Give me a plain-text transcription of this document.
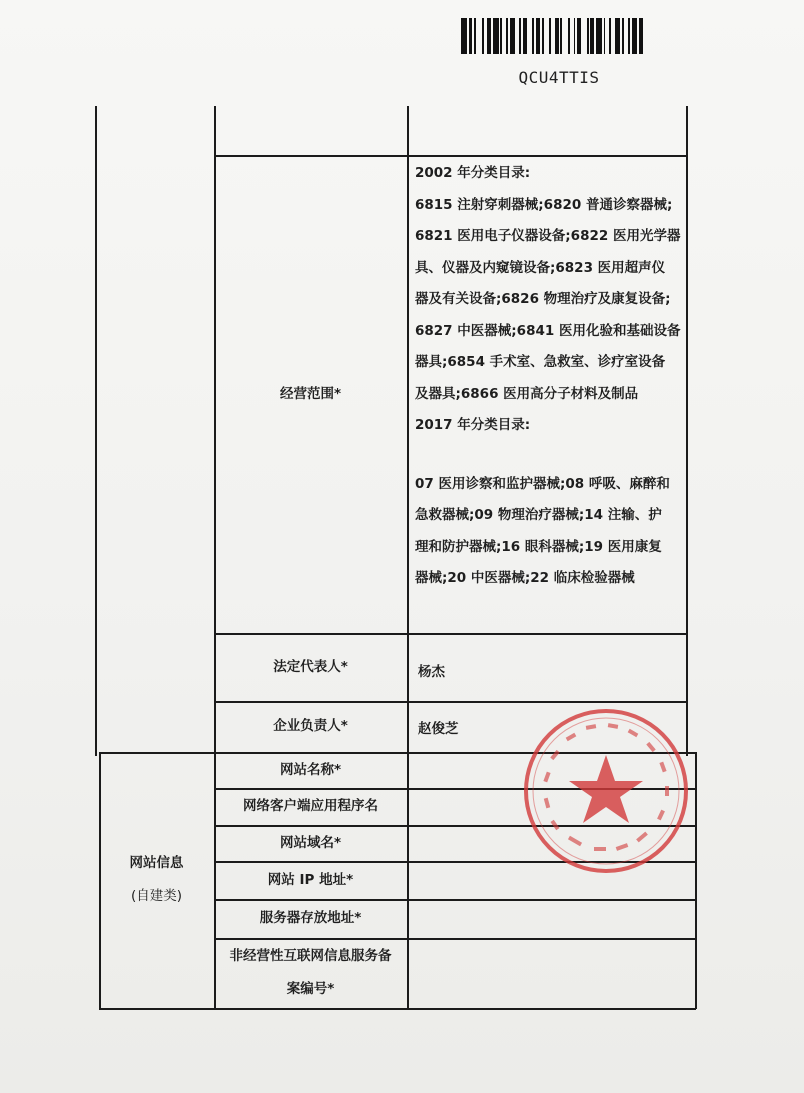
QCU4TTIS
经营范围*

2002 年分类目录:

6815 注射穿刺器械;6820 普通诊察器械;

6821 医用电子仪器设备;6822 医用光学器

具、仪器及内窥镜设备;6823 医用超声仪

器及有关设备;6826 物理治疗及康复设备;

6827 中医器械;6841 医用化验和基础设备

器具;6854 手术室、急救室、诊疗室设备

及器具;6866 医用高分子材料及制品

2017 年分类目录:

07 医用诊察和监护器械;08 呼吸、麻醉和

急救器械;09 物理治疗器械;14 注输、护

理和防护器械;16 眼科器械;19 医用康复

器械;20 中医器械;22 临床检验器械

法定代表人*	杨杰
企业负责人*	赵俊芝
网站信息
(自建类)
网站名称*
网络客户端应用程序名
网站域名*
网站 IP 地址*
服务器存放地址*
非经营性互联网信息服务备
案编号*
